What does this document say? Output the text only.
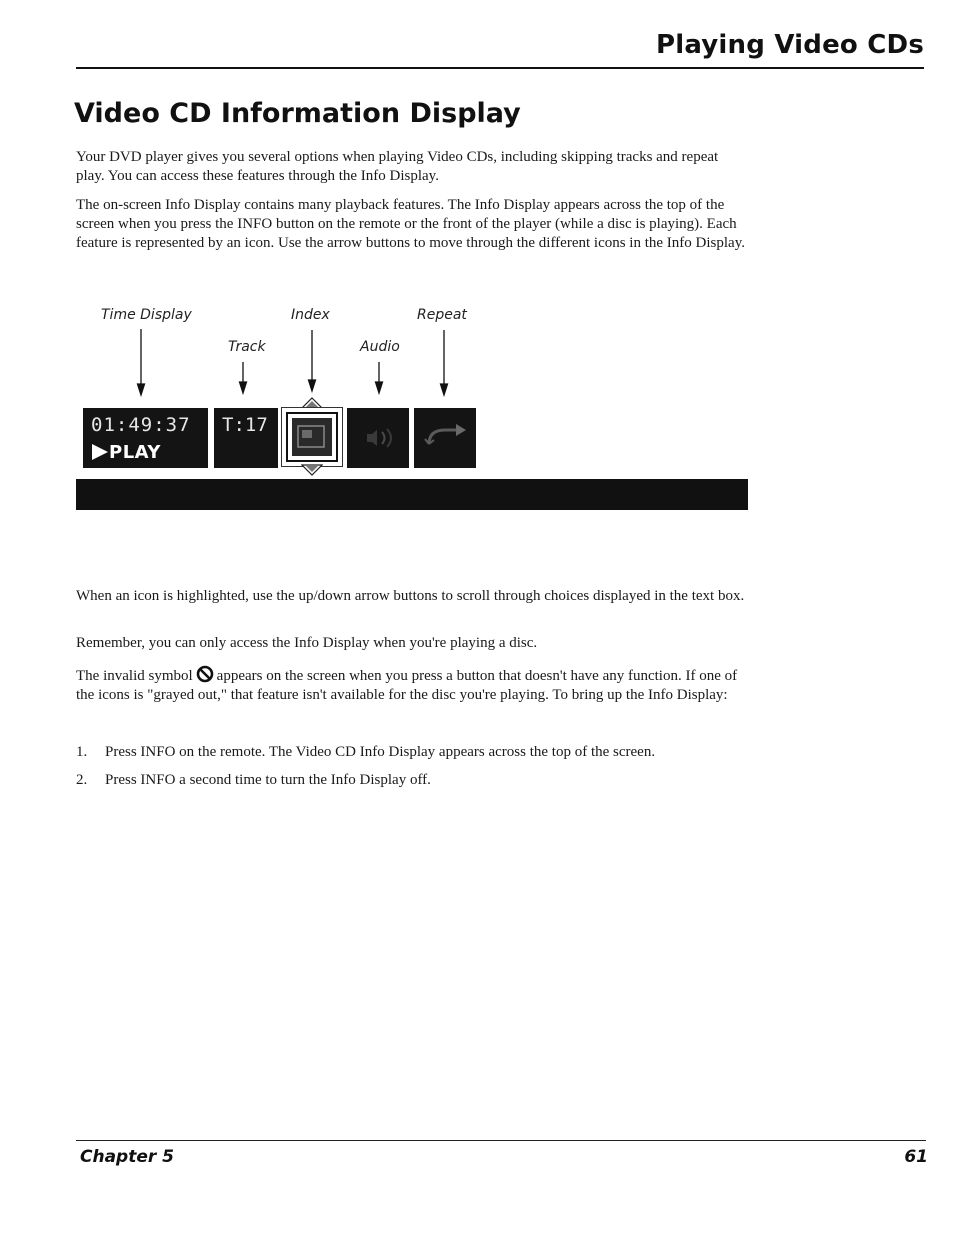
Playing Video CDs
Video CD Information Display

Your DVD player gives you several options when playing Video CDs, including skipping tracks and repeat play. You can access these features through the Info Display.

The on-screen Info Display contains many playback features. The Info Display appears across the top of the screen when you press the INFO button on the remote or the front of the player (while a disc is playing). Each feature is represented by an icon. Use the arrow buttons to move through the different icons in the Info Display.

Time Display	Index	Repeat
Track	Audio
01:49:37
PLAY
T:17

When an icon is highlighted, use the up/down arrow buttons to scroll through choices displayed in the text box.

Remember, you can only access the Info Display when you're playing a disc.

The invalid symbol appears on the screen when you press a button that doesn't have any function. If one of the icons is "grayed out," that feature isn't available for the disc you're playing. To bring up the Info Display:

1. Press INFO on the remote. The Video CD Info Display appears across the top of the screen.

2. Press INFO a second time to turn the Info Display off.

Chapter 5	61
